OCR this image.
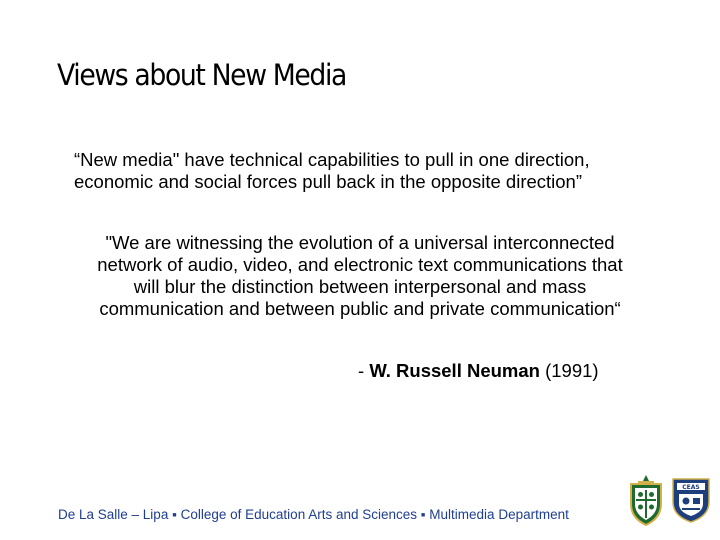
Views about New Media
“New media" have technical capabilities to pull in one direction,
economic and social forces pull back in the opposite direction”
"We are witnessing the evolution of a universal interconnected
network of audio, video, and electronic text communications that
will blur the distinction between interpersonal and mass
communication and between public and private communication“
- W. Russell Neuman (1991)
De La Salle – Lipa ▪ College of Education Arts and Sciences ▪ Multimedia Department
CEAS
